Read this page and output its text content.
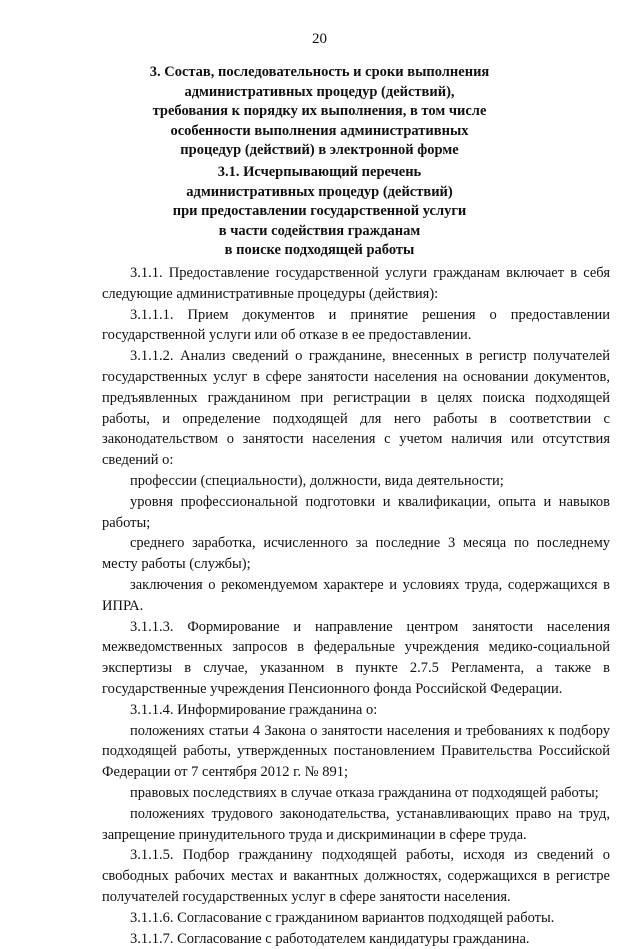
20
3. Состав, последовательность и сроки выполнения
административных процедур (действий),
требования к порядку их выполнения, в том числе
особенности выполнения административных
процедур (действий) в электронной форме
3.1. Исчерпывающий перечень
административных процедур (действий)
при предоставлении государственной услуги
в части содействия гражданам
в поиске подходящей работы

3.1.1. Предоставление государственной услуги гражданам включает в себя следующие административные процедуры (действия):

3.1.1.1. Прием документов и принятие решения о предоставлении государственной услуги или об отказе в ее предоставлении.

3.1.1.2. Анализ сведений о гражданине, внесенных в регистр получателей государственных услуг в сфере занятости населения на основании документов, предъявленных гражданином при регистрации в целях поиска подходящей работы, и определение подходящей для него работы в соответствии с законодательством о занятости населения с учетом наличия или отсутствия сведений о:

профессии (специальности), должности, вида деятельности;

уровня профессиональной подготовки и квалификации, опыта и навыков работы;

среднего заработка, исчисленного за последние 3 месяца по последнему месту работы (службы);

заключения о рекомендуемом характере и условиях труда, содержащихся в ИПРА.

3.1.1.3. Формирование и направление центром занятости населения межведомственных запросов в федеральные учреждения медико-социальной экспертизы в случае, указанном в пункте 2.7.5 Регламента, а также в государственные учреждения Пенсионного фонда Российской Федерации.

3.1.1.4. Информирование гражданина о:

положениях статьи 4 Закона о занятости населения и требованиях к подбору подходящей работы, утвержденных постановлением Правительства Российской Федерации от 7 сентября 2012 г. № 891;

правовых последствиях в случае отказа гражданина от подходящей работы;

положениях трудового законодательства, устанавливающих право на труд, запрещение принудительного труда и дискриминации в сфере труда.

3.1.1.5. Подбор гражданину подходящей работы, исходя из сведений о свободных рабочих местах и вакантных должностях, содержащихся в регистре получателей государственных услуг в сфере занятости населения.

3.1.1.6. Согласование с гражданином вариантов подходящей работы.

3.1.1.7. Согласование с работодателем кандидатуры гражданина.
